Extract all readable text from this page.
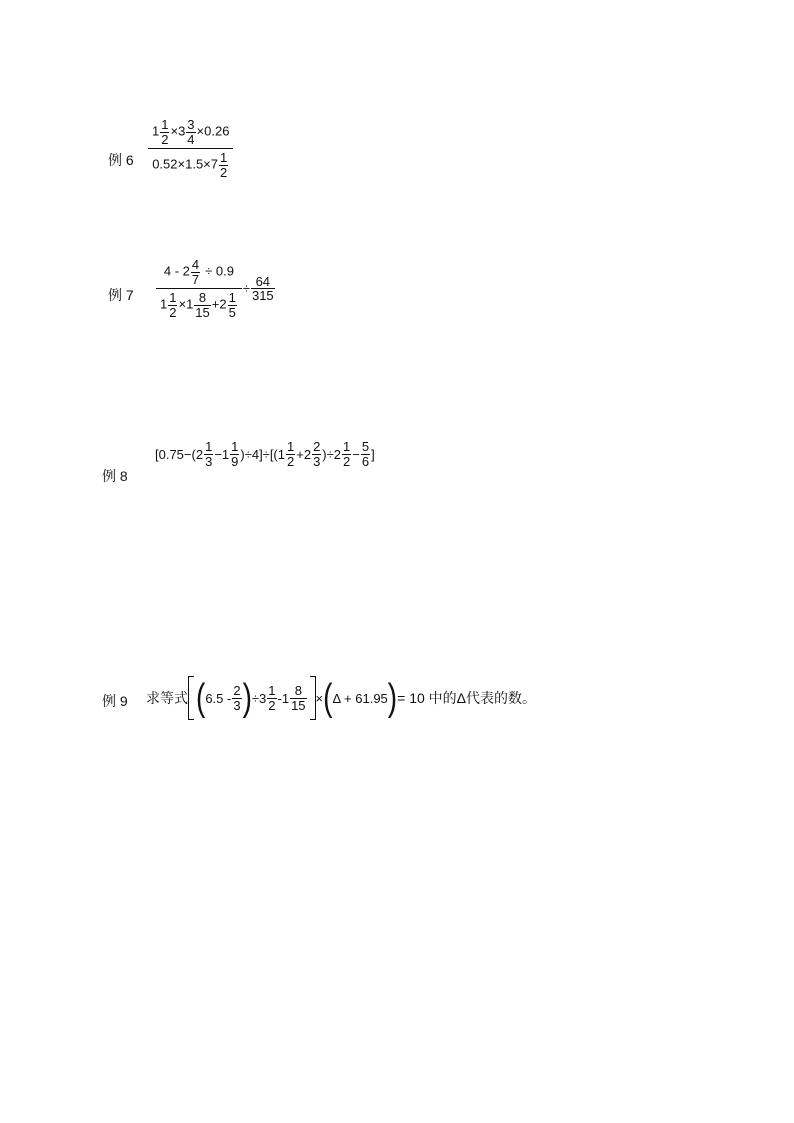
例 $6 \frac{1 \frac{1}{2} \times 3 \frac{3}{4} \times 0.26}{0.52\times 1.5\times 7 \frac{1}{2}}$
例 $7 \frac{4 - 2 \frac{4}{7} \div 0.9}{1 \frac{1}{2} \times 1 \frac{8}{15} +2 \frac{1}{5}} \div \frac{64}{315}$
例 8
$[0.75-(2 \frac{1}{3} -1 \frac{1}{9} )\div 4]\div[(1 \frac{1}{2} +2 \frac{2}{3} )\div 2 \frac{1}{2} - \frac{5}{6}$ ]
例 9 求等式 ( $6.5 - \frac{2}{3}$ ) $\div 3 \frac{1}{2} -1 \frac{8}{15}$ × ( Δ + 61.95 ) = 10 中的Δ代表的数。
